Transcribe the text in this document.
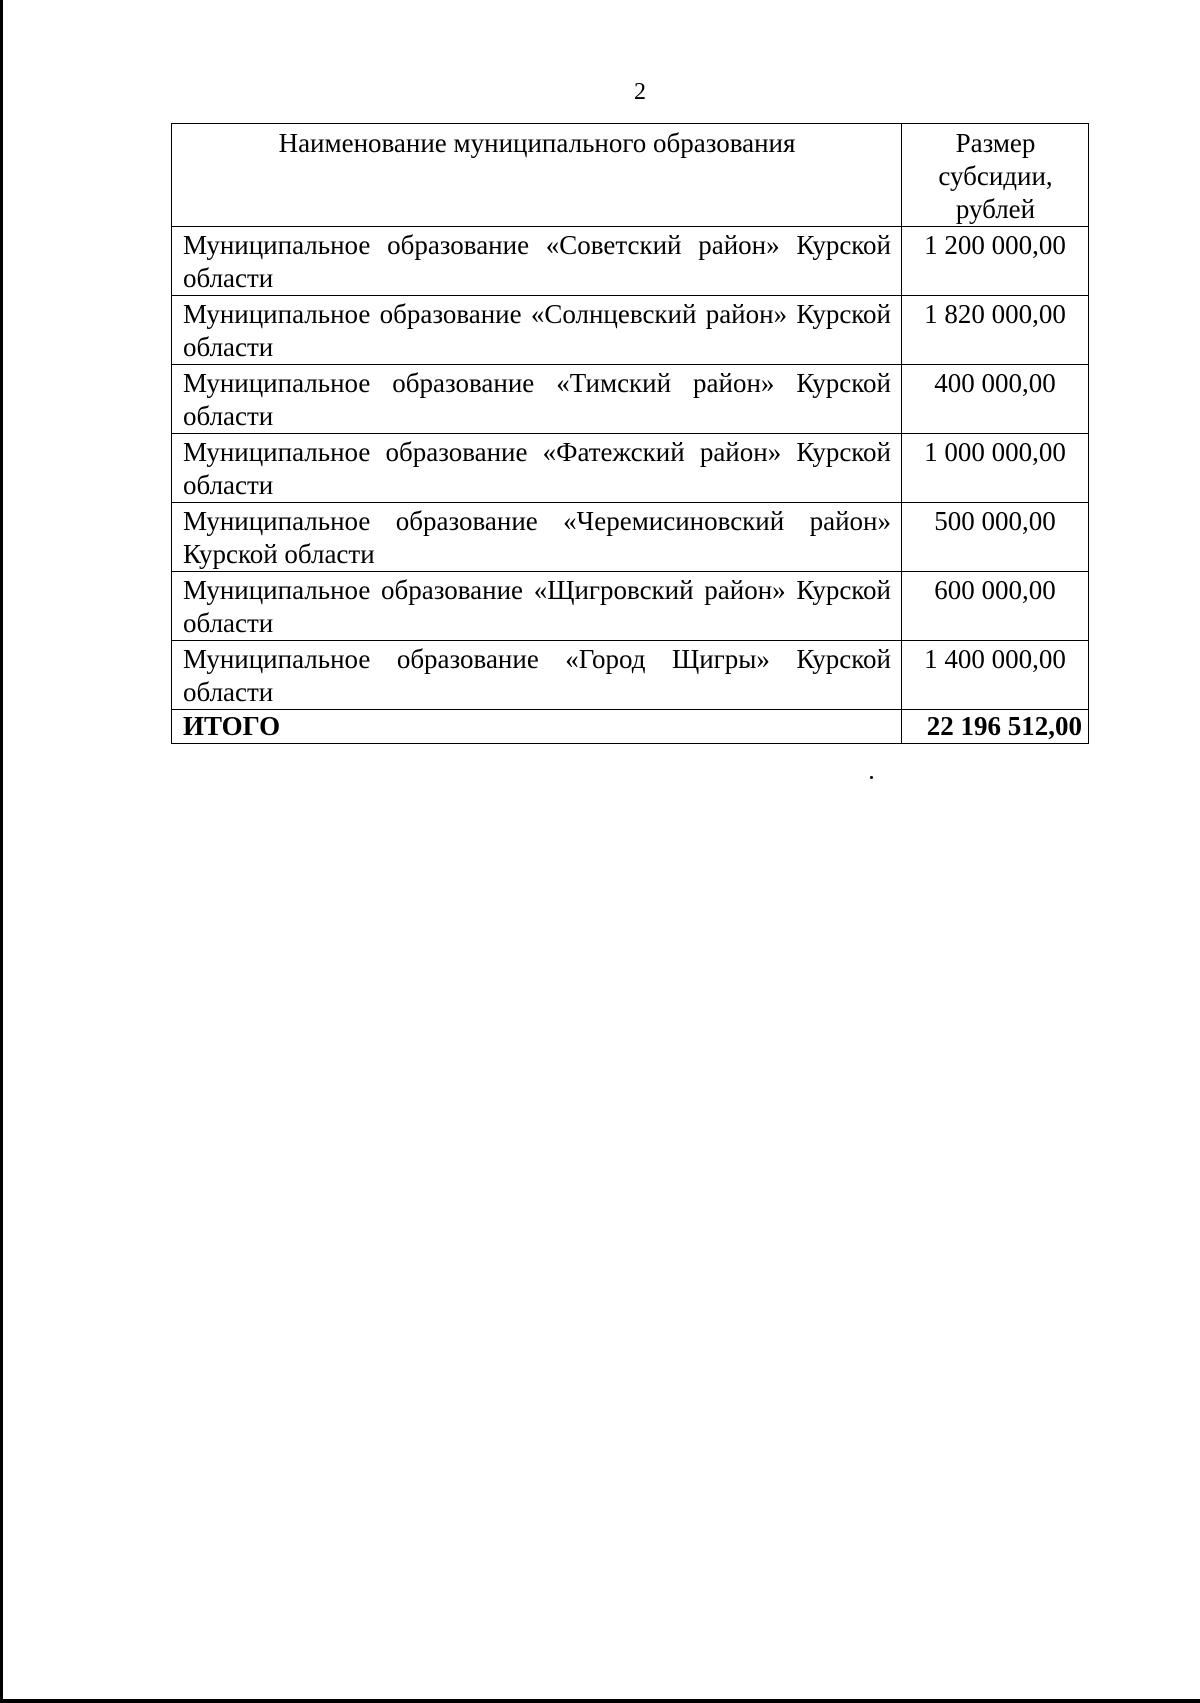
2
Наименование муниципального образования	Размер субсидии, рублей
Муниципальное образование «Советский район» Курской области	1 200 000,00
Муниципальное образование «Солнцевский район» Курской области	1 820 000,00
Муниципальное образование «Тимский район» Курской области	400 000,00
Муниципальное образование «Фатежский район» Курской области	1 000 000,00
Муниципальное образование «Черемисиновский район» Курской области	500 000,00
Муниципальное образование «Щигровский район» Курской области	600 000,00
Муниципальное образование «Город Щигры» Курской области	1 400 000,00
ИТОГО	22 196 512,00
